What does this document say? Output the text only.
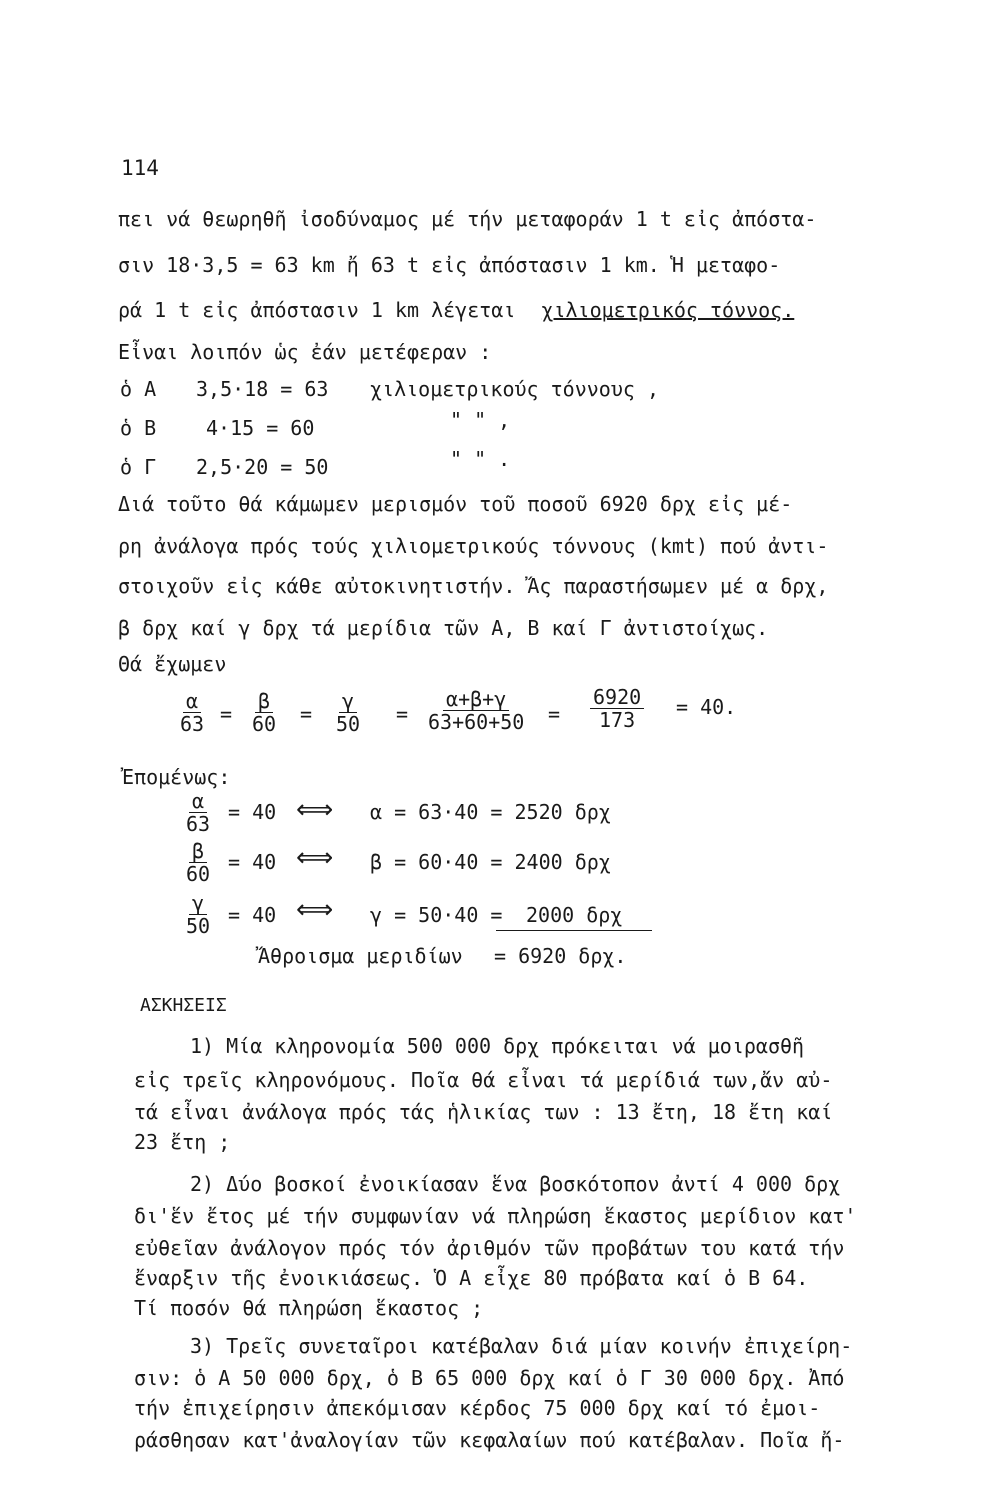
114
πει νά θεωρηθῆ ἰσοδύναμος μέ τήν μεταφοράν 1 t εἰς ἀπόστα-
σιν 18·3,5 = 63 km ἤ 63 t εἰς ἀπόστασιν 1 km. Ἡ μεταφο-
ρά 1 t εἰς ἀπόστασιν 1 km λέγεται χιλιομετρικός τόννος.
Εἶναι λοιπόν ὡς ἐάν μετέφεραν :
ὁ Α 3,5·18 = 63 χιλιομετρικούς τόννους ,
ὁ Β 4·15 = 60	" " ,
ὁ Γ 2,5·20 = 50	" " .
Διά τοῦτο θά κάμωμεν μερισμόν τοῦ ποσοῦ 6920 δρχ εἰς μέ-
ρη ἀνάλογα πρός τούς χιλιομετρικούς τόννους (kmt) πού ἀντι-
στοιχοῦν εἰς κάθε αὐτοκινητιστήν. Ἄς παραστήσωμεν μέ α δρχ,
β δρχ καί γ δρχ τά μερίδια τῶν Α, Β καί Γ ἀντιστοίχως.
Θά ἔχωμεν
$\frac{\alpha}{63} = \frac{\beta}{60} = \frac{\gamma}{50} = \frac{\alpha+\beta+\gamma}{63+60+50} = \frac{6920}{173} = 40$.
Ἐπομένως:
$\frac{\alpha}{63} = 40$ ⟺ α = 63·40 = 2520 δρχ
$\frac{\beta}{60} = 40$ ⟺ β = 60·40 = 2400 δρχ
$\frac{\gamma}{50} = 40$ ⟺ γ = 50·40 = 2000 δρχ
Ἄθροισμα μεριδίων = 6920 δρχ.
ΑΣΚΗΣΕΙΣ
1) Μία κληρονομία 500 000 δρχ πρόκειται νά μοιρασθῆ
εἰς τρεῖς κληρονόμους. Ποῖα θά εἶναι τά μερίδιά των,ἄν αὐ-
τά εἶναι ἀνάλογα πρός τάς ἡλικίας των : 13 ἔτη, 18 ἔτη καί
23 ἔτη ;
2) Δύο βοσκοί ἐνοικίασαν ἕνα βοσκότοπον ἀντί 4 000 δρχ
δι'ἕν ἔτος μέ τήν συμφωνίαν νά πληρώση ἕκαστος μερίδιον κατ'
εὐθεῖαν ἀνάλογον πρός τόν ἀριθμόν τῶν προβάτων του κατά τήν
ἔναρξιν τῆς ἐνοικιάσεως. Ὁ Α εἶχε 80 πρόβατα καί ὁ Β 64.
Τί ποσόν θά πληρώση ἕκαστος ;
3) Τρεῖς συνεταῖροι κατέβαλαν διά μίαν κοινήν ἐπιχείρη-
σιν: ὁ Α 50 000 δρχ, ὁ Β 65 000 δρχ καί ὁ Γ 30 000 δρχ. Ἀπό
τήν ἐπιχείρησιν ἀπεκόμισαν κέρδος 75 000 δρχ καί τό ἐμοι-
ράσθησαν κατ'ἀναλογίαν τῶν κεφαλαίων πού κατέβαλαν. Ποῖα ἤ-
